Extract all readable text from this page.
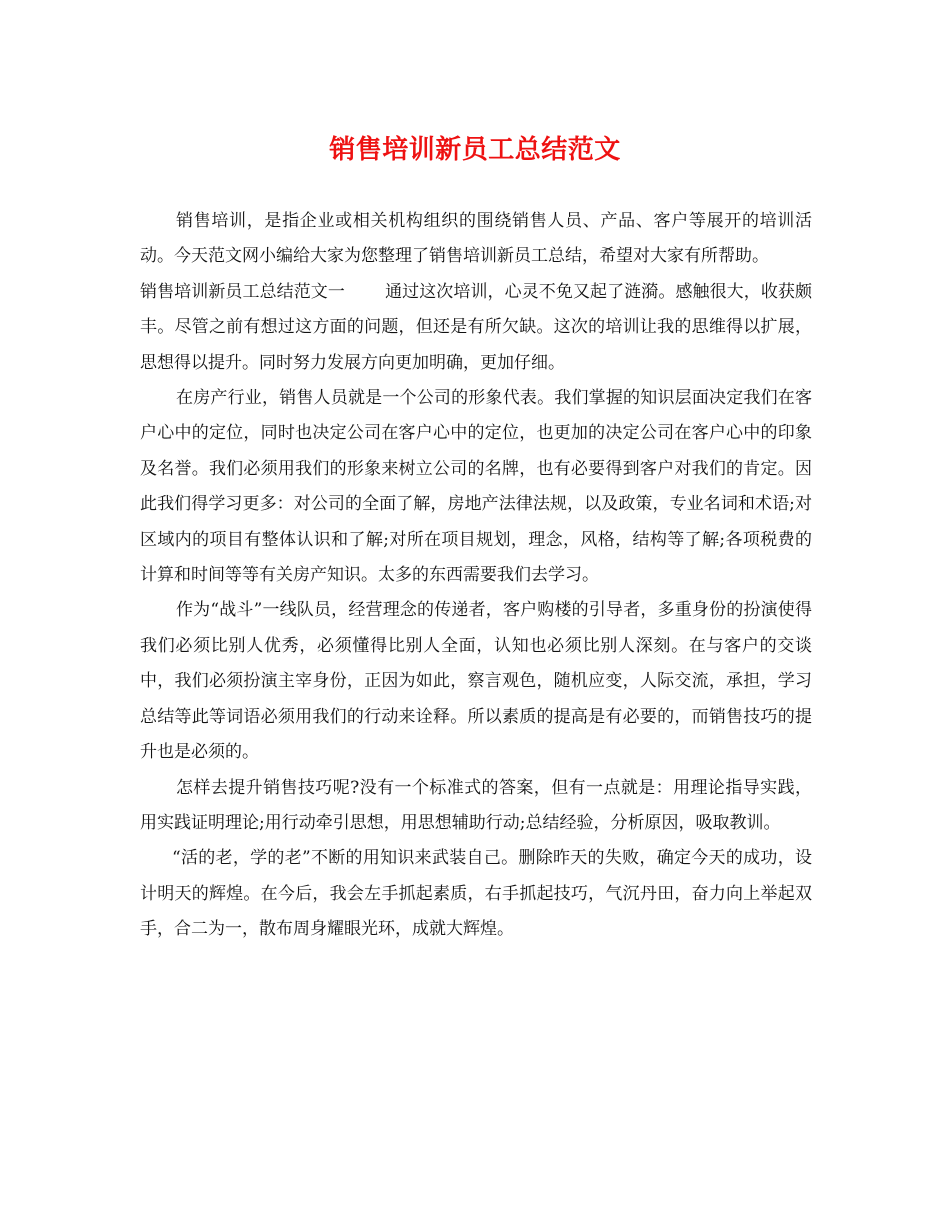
销售培训新员工总结范文

销售培训，是指企业或相关机构组织的围绕销售人员、产品、客户等展开的培训活动。今天范文网小编给大家为您整理了销售培训新员工总结，希望对大家有所帮助。

销售培训新员工总结范文一 通过这次培训，心灵不免又起了涟漪。感触很大，收获颇丰。尽管之前有想过这方面的问题，但还是有所欠缺。这次的培训让我的思维得以扩展，思想得以提升。同时努力发展方向更加明确，更加仔细。

在房产行业，销售人员就是一个公司的形象代表。我们掌握的知识层面决定我们在客户心中的定位，同时也决定公司在客户心中的定位，也更加的决定公司在客户心中的印象及名誉。我们必须用我们的形象来树立公司的名牌，也有必要得到客户对我们的肯定。因此我们得学习更多：对公司的全面了解，房地产法律法规，以及政策，专业名词和术语;对区域内的项目有整体认识和了解;对所在项目规划，理念，风格，结构等了解;各项税费的计算和时间等等有关房产知识。太多的东西需要我们去学习。

作为“战斗”一线队员，经营理念的传递者，客户购楼的引导者，多重身份的扮演使得我们必须比别人优秀，必须懂得比别人全面，认知也必须比别人深刻。在与客户的交谈中，我们必须扮演主宰身份，正因为如此，察言观色，随机应变，人际交流，承担，学习总结等此等词语必须用我们的行动来诠释。所以素质的提高是有必要的，而销售技巧的提升也是必须的。

怎样去提升销售技巧呢?没有一个标准式的答案，但有一点就是：用理论指导实践，用实践证明理论;用行动牵引思想，用思想辅助行动;总结经验，分析原因，吸取教训。

“活的老，学的老”不断的用知识来武装自己。删除昨天的失败，确定今天的成功，设计明天的辉煌。在今后，我会左手抓起素质，右手抓起技巧，气沉丹田，奋力向上举起双手，合二为一，散布周身耀眼光环，成就大辉煌。
